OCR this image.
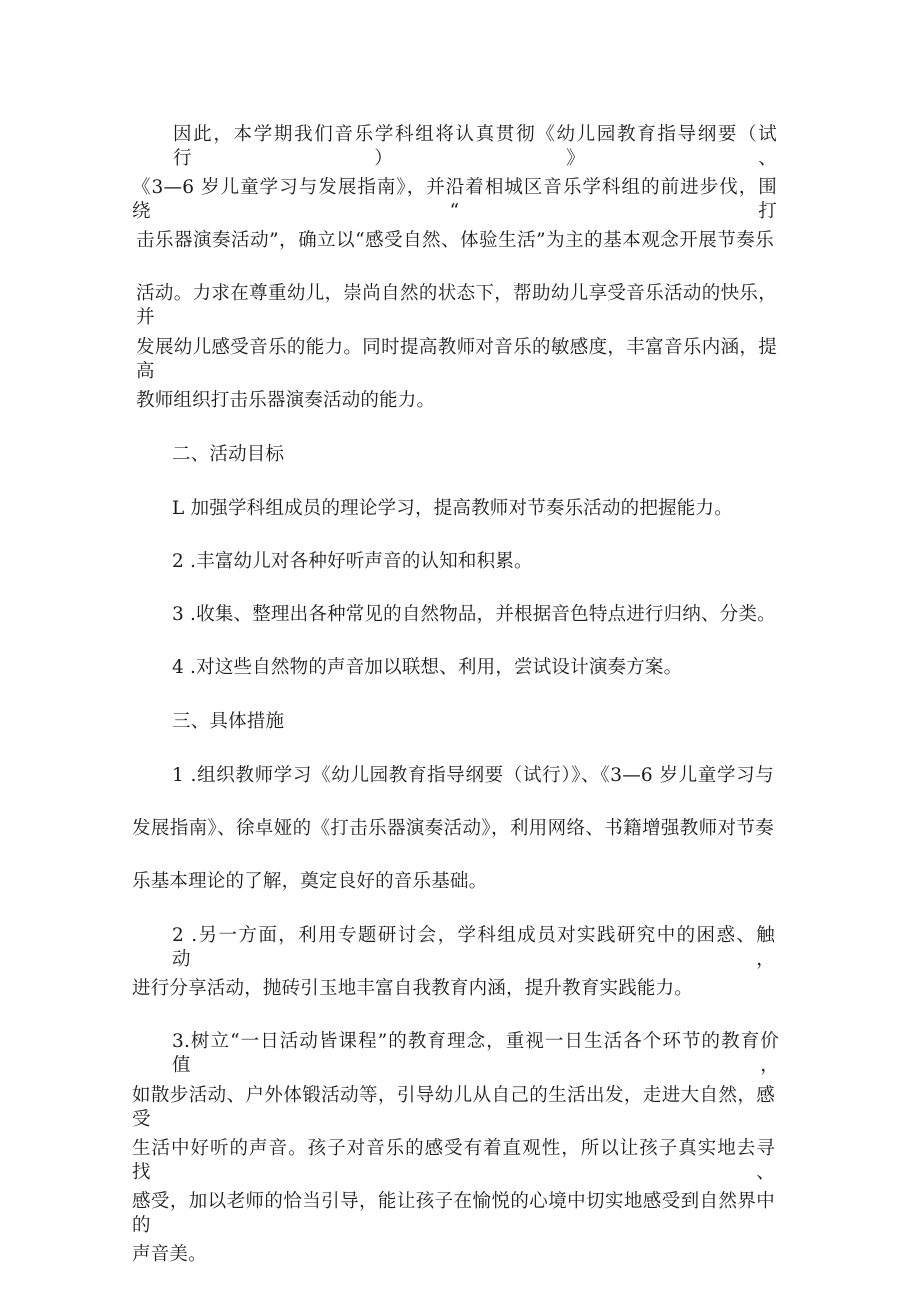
因此，本学期我们音乐学科组将认真贯彻《幼儿园教育指导纲要（试行）》、
《3—6 岁儿童学习与发展指南》，并沿着相城区音乐学科组的前进步伐，围绕“打
击乐器演奏活动”，确立以“感受自然、体验生活”为主的基本观念开展节奏乐
活动。力求在尊重幼儿，崇尚自然的状态下，帮助幼儿享受音乐活动的快乐，并
发展幼儿感受音乐的能力。同时提高教师对音乐的敏感度，丰富音乐内涵，提高
教师组织打击乐器演奏活动的能力。
二、活动目标
L 加强学科组成员的理论学习，提高教师对节奏乐活动的把握能力。
2 .丰富幼儿对各种好听声音的认知和积累。
3 .收集、整理出各种常见的自然物品，并根据音色特点进行归纳、分类。
4 .对这些自然物的声音加以联想、利用，尝试设计演奏方案。
三、具体措施
1 .组织教师学习《幼儿园教育指导纲要（试行）》、《3—6 岁儿童学习与
发展指南》、徐卓娅的《打击乐器演奏活动》，利用网络、书籍增强教师对节奏
乐基本理论的了解，奠定良好的音乐基础。
2 .另一方面，利用专题研讨会，学科组成员对实践研究中的困惑、触动，
进行分享活动，抛砖引玉地丰富自我教育内涵，提升教育实践能力。
3.树立“一日活动皆课程”的教育理念，重视一日生活各个环节的教育价值，
如散步活动、户外体锻活动等，引导幼儿从自己的生活出发，走进大自然，感受
生活中好听的声音。孩子对音乐的感受有着直观性，所以让孩子真实地去寻找、
感受，加以老师的恰当引导，能让孩子在愉悦的心境中切实地感受到自然界中的
声音美。
